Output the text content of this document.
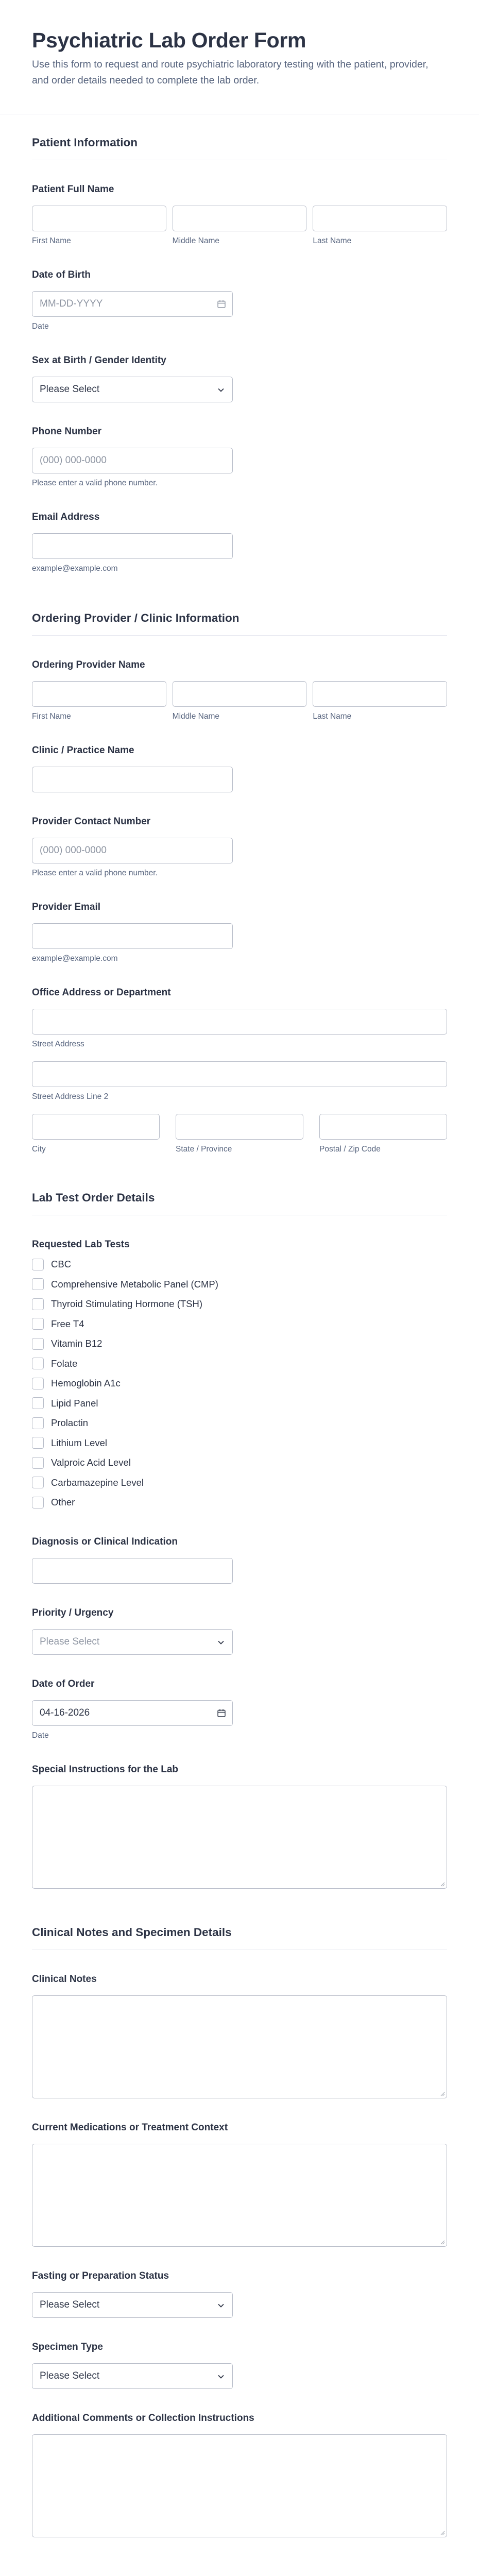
Psychiatric Lab Order Form

Use this form to request and route psychiatric laboratory testing with the patient, provider, and order details needed to complete the lab order.

Patient Information
Patient Full Name
First Name	Middle Name	Last Name
Date of Birth
MM-DD-YYYY
Date
Sex at Birth / Gender Identity
Please Select
Phone Number
(000) 000-0000
Please enter a valid phone number.
Email Address
example@example.com
Ordering Provider / Clinic Information
Ordering Provider Name
First Name	Middle Name	Last Name
Clinic / Practice Name
Provider Contact Number
(000) 000-0000
Please enter a valid phone number.
Provider Email
example@example.com
Office Address or Department
Street Address
Street Address Line 2
City	State / Province	Postal / Zip Code
Lab Test Order Details
Requested Lab Tests
CBC
Comprehensive Metabolic Panel (CMP)
Thyroid Stimulating Hormone (TSH)
Free T4
Vitamin B12
Folate
Hemoglobin A1c
Lipid Panel
Prolactin
Lithium Level
Valproic Acid Level
Carbamazepine Level
Other
Diagnosis or Clinical Indication
Priority / Urgency
Please Select
Date of Order
04-16-2026
Date
Special Instructions for the Lab
Clinical Notes and Specimen Details
Clinical Notes
Current Medications or Treatment Context
Fasting or Preparation Status
Please Select
Specimen Type
Please Select
Additional Comments or Collection Instructions
